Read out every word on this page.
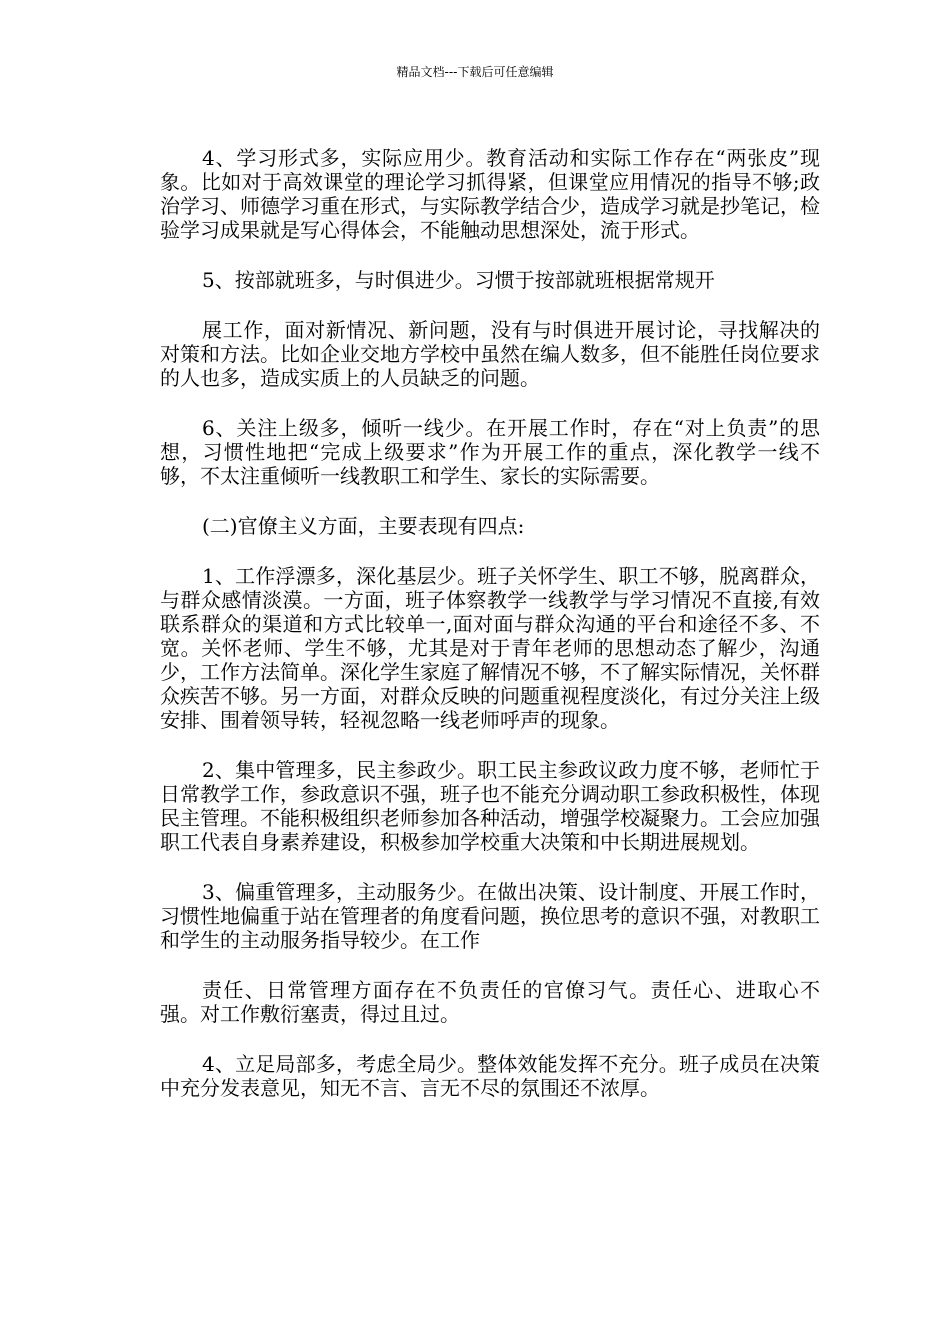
精品文档---下载后可任意编辑

4、学习形式多，实际应用少。教育活动和实际工作存在“两张皮”现象。比如对于高效课堂的理论学习抓得紧，但课堂应用情况的指导不够;政治学习、师德学习重在形式，与实际教学结合少，造成学习就是抄笔记，检验学习成果就是写心得体会，不能触动思想深处，流于形式。

5、按部就班多，与时俱进少。习惯于按部就班根据常规开

展工作，面对新情况、新问题，没有与时俱进开展讨论，寻找解决的对策和方法。比如企业交地方学校中虽然在编人数多，但不能胜任岗位要求的人也多，造成实质上的人员缺乏的问题。

6、关注上级多，倾听一线少。在开展工作时，存在“对上负责”的思想，习惯性地把“完成上级要求”作为开展工作的重点，深化教学一线不够，不太注重倾听一线教职工和学生、家长的实际需要。

(二)官僚主义方面，主要表现有四点:

1、工作浮漂多，深化基层少。班子关怀学生、职工不够，脱离群众，与群众感情淡漠。一方面，班子体察教学一线教学与学习情况不直接,有效联系群众的渠道和方式比较单一,面对面与群众沟通的平台和途径不多、不宽。关怀老师、学生不够，尤其是对于青年老师的思想动态了解少，沟通少，工作方法简单。深化学生家庭了解情况不够，不了解实际情况，关怀群众疾苦不够。另一方面，对群众反映的问题重视程度淡化，有过分关注上级安排、围着领导转，轻视忽略一线老师呼声的现象。

2、集中管理多，民主参政少。职工民主参政议政力度不够，老师忙于日常教学工作，参政意识不强，班子也不能充分调动职工参政积极性，体现民主管理。不能积极组织老师参加各种活动，增强学校凝聚力。工会应加强职工代表自身素养建设，积极参加学校重大决策和中长期进展规划。

3、偏重管理多，主动服务少。在做出决策、设计制度、开展工作时，习惯性地偏重于站在管理者的角度看问题，换位思考的意识不强，对教职工和学生的主动服务指导较少。在工作

责任、日常管理方面存在不负责任的官僚习气。责任心、进取心不强。对工作敷衍塞责，得过且过。

4、立足局部多，考虑全局少。整体效能发挥不充分。班子成员在决策中充分发表意见，知无不言、言无不尽的氛围还不浓厚。
